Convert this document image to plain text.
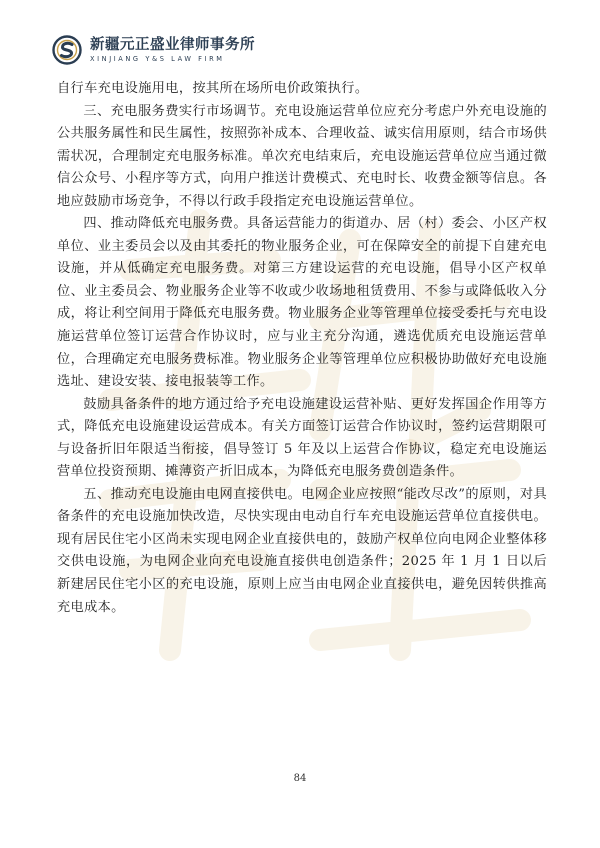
新疆元正盛业律师事务所
XINJIANG Y&S LAW FIRM

自行车充电设施用电，按其所在场所电价政策执行。

三、充电服务费实行市场调节。充电设施运营单位应充分考虑户外充电设施的公共服务属性和民生属性，按照弥补成本、合理收益、诚实信用原则，结合市场供需状况，合理制定充电服务标准。单次充电结束后，充电设施运营单位应当通过微信公众号、小程序等方式，向用户推送计费模式、充电时长、收费金额等信息。各地应鼓励市场竞争，不得以行政手段指定充电设施运营单位。

四、推动降低充电服务费。具备运营能力的街道办、居（村）委会、小区产权单位、业主委员会以及由其委托的物业服务企业，可在保障安全的前提下自建充电设施，并从低确定充电服务费。对第三方建设运营的充电设施，倡导小区产权单位、业主委员会、物业服务企业等不收或少收场地租赁费用、不参与或降低收入分成，将让利空间用于降低充电服务费。物业服务企业等管理单位接受委托与充电设施运营单位签订运营合作协议时，应与业主充分沟通，遴选优质充电设施运营单位，合理确定充电服务费标准。物业服务企业等管理单位应积极协助做好充电设施选址、建设安装、接电报装等工作。

鼓励具备条件的地方通过给予充电设施建设运营补贴、更好发挥国企作用等方式，降低充电设施建设运营成本。有关方面签订运营合作协议时，签约运营期限可与设备折旧年限适当衔接，倡导签订 5 年及以上运营合作协议，稳定充电设施运营单位投资预期、摊薄资产折旧成本，为降低充电服务费创造条件。

五、推动充电设施由电网直接供电。电网企业应按照“能改尽改”的原则，对具备条件的充电设施加快改造，尽快实现由电动自行车充电设施运营单位直接供电。现有居民住宅小区尚未实现电网企业直接供电的，鼓励产权单位向电网企业整体移交供电设施，为电网企业向充电设施直接供电创造条件；2025 年 1 月 1 日以后新建居民住宅小区的充电设施，原则上应当由电网企业直接供电，避免因转供推高充电成本。

84
